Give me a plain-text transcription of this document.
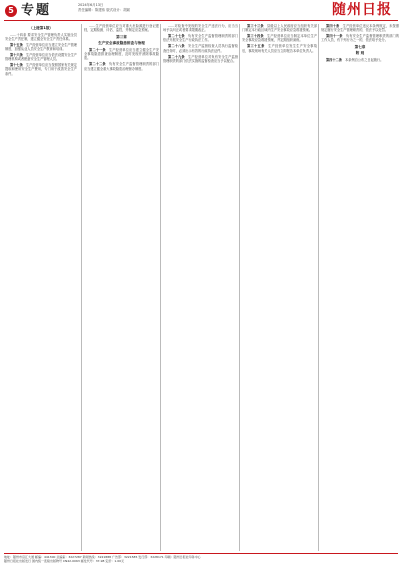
5 专题	2024年6月13日
责任编辑：陈建伟 版式设计：胡斌	随州日报

（上接第1版）

……十四条 要求安全生产管理负责人实施全员安全生产责任制，建立健全安全生产责任体系。

第十五条　生产经营单位应当建立安全生产管理制度，加强从业人员安全生产教育和培训。

第十六条　生产经营单位应当依法设置安全生产管理机构或者配备安全生产管理人员。

第十七条　生产经营单位应当按照国家有关规定提取和使用安全生产费用，专门用于改善安全生产条件。

……生产经营单位应当对重大危险源进行登记建档，定期检测、评估、监控，并制定应急预案。

第三章

生产安全事故隐患排查与治理

第二十一条　生产经营单位应当建立健全生产安全事故隐患排查治理制度，及时发现并消除事故隐患。

第二十二条　负有安全生产监督管理职责的部门应当建立健全重大事故隐患治理督办制度。

……对检查中发现的安全生产违法行为，应当当场予以纠正或者要求限期改正。

第二十七条　负有安全生产监督管理职责的部门依法开展安全生产行政执法工作。

第二十八条　安全生产监督检查人员执行监督检查任务时，必须出示有效的行政执法证件。

第二十九条　生产经营单位对负有安全生产监督管理职责的部门依法实施的监督检查应当予以配合。

第三十三条　县级以上人民政府应当组织有关部门制定本行政区域内生产安全事故应急救援预案。

第三十四条　生产经营单位应当制定本单位生产安全事故应急救援预案，并定期组织演练。

第三十五条　生产经营单位发生生产安全事故后，事故现场有关人员应当立即报告本单位负责人。

第四十条　生产经营单位违反本条例规定，未按照规定履行安全生产管理职责的，依法予以处罚。

第四十一条　负有安全生产监督管理职责的部门的工作人员，有下列行为之一的，依法给予处分。

第七章

附 则

第四十二条　本条例自公布之日起施行。

地址：随州市沿江大道 邮编：441300 总编室：3227287 新闻热线：3221888 广告部：3221585 发行部：3228171 印刷：随州日报社印务中心
随州日报社出版发行 国内统一连续出版物号 CN42-0063 邮发代号：37-98 定价：1.00元
